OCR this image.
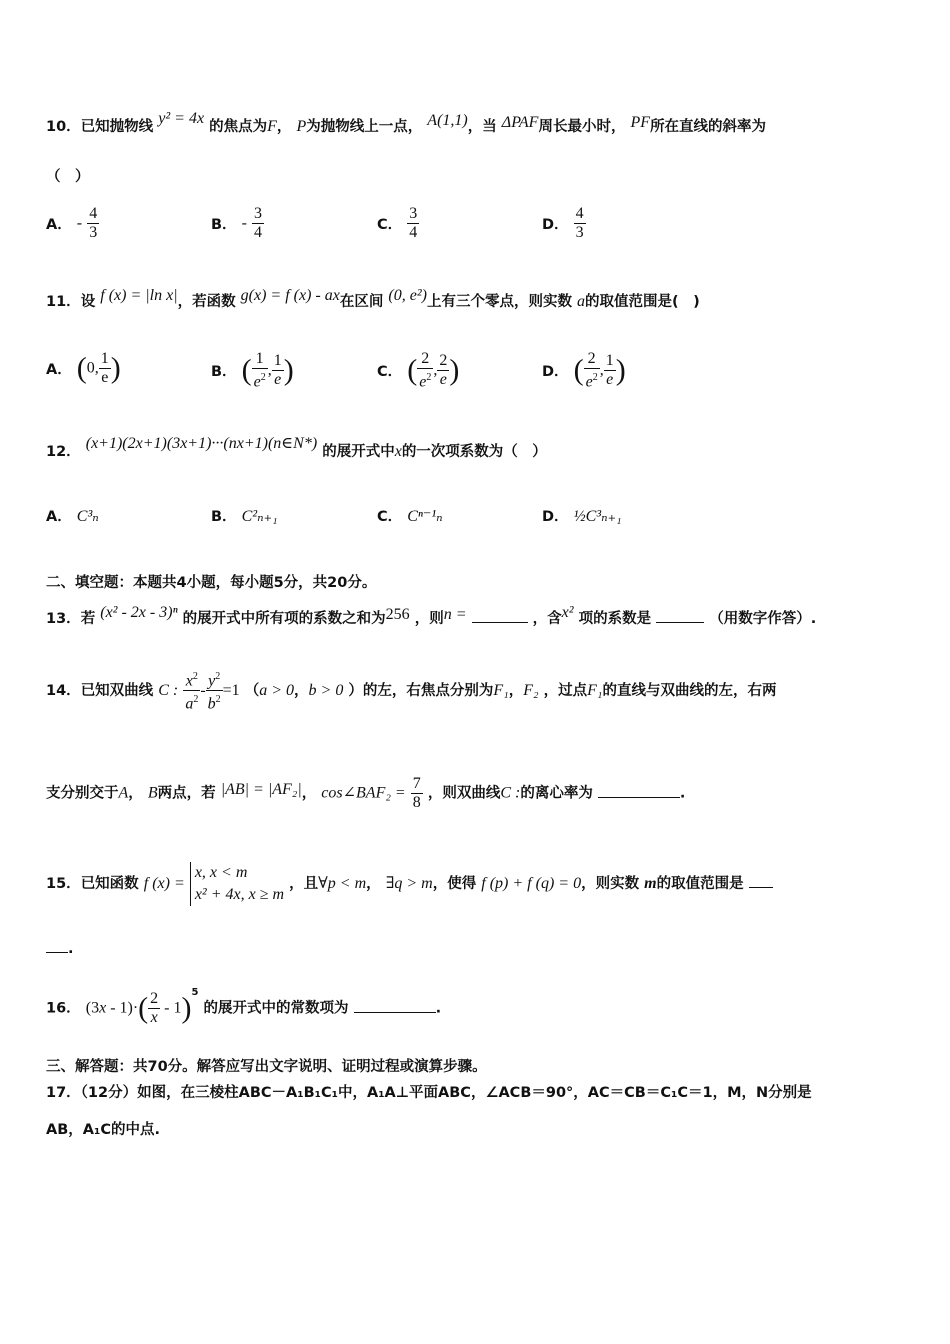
10．已知抛物线 y² = 4x 的焦点为F， P为抛物线上一点， A(1,1)，当 ΔPAF周长最小时， PF所在直线的斜率为
（　）
A． - $\frac{4}{3}$	B． - $\frac{3}{4}$	C． $\frac{3}{4}$	D． $\frac{4}{3}$
11．设 f (x) = |ln x|，若函数 g(x) = f (x) - ax在区间 (0, e²)上有三个零点，则实数 a的取值范围是(　)
A． (0, $\frac{1}{e}$ )	B． ( $\frac{1}{e^2}$ , $\frac{1}{e}$ )	C． ( $\frac{2}{e^2}$ , $\frac{2}{e}$ )	D． ( $\frac{2}{e^2}$ , $\frac{1}{e}$ )
12． (x+1)(2x+1)(3x+1)···(nx+1)(n∈N*) 的展开式中x的一次项系数为（　）
A． C³ₙ	B． C²ₙ₊₁	C． Cⁿ⁻¹ₙ	D． ½C³ₙ₊₁
二、填空题：本题共4小题，每小题5分，共20分。
13．若 (x² - 2x - 3)ⁿ 的展开式中所有项的系数之和为256 ，则n =	，含x² 项的系数是	（用数字作答）.
14．已知双曲线 C : $\frac{x^2}{a^2} - \frac{y^2}{b^2} =1$ （a > 0，b > 0 ）的左，右焦点分别为F₁，F₂ ，过点F₁的直线与双曲线的左，右两
支分别交于A， B两点，若 |AB| = |AF₂|， cos∠BAF₂ = $\frac{7}{8}$ ，则双曲线C :的离心率为	.
15．已知函数 f (x) =
x, x < m
x² + 4x, x ≥ m
，且∀p < m， ∃q > m，使得 f (p) + f (q) = 0，则实数 m的取值范围是
.
16． $(3x - 1)\cdot( \frac{2}{x} - 1)^5$ 的展开式中的常数项为	.
三、解答题：共70分。解答应写出文字说明、证明过程或演算步骤。
17．（12分）如图，在三棱柱ABC－A₁B₁C₁中，A₁A⊥平面ABC，∠ACB＝90°，AC＝CB＝C₁C＝1，M，N分别是
AB，A₁C的中点.
